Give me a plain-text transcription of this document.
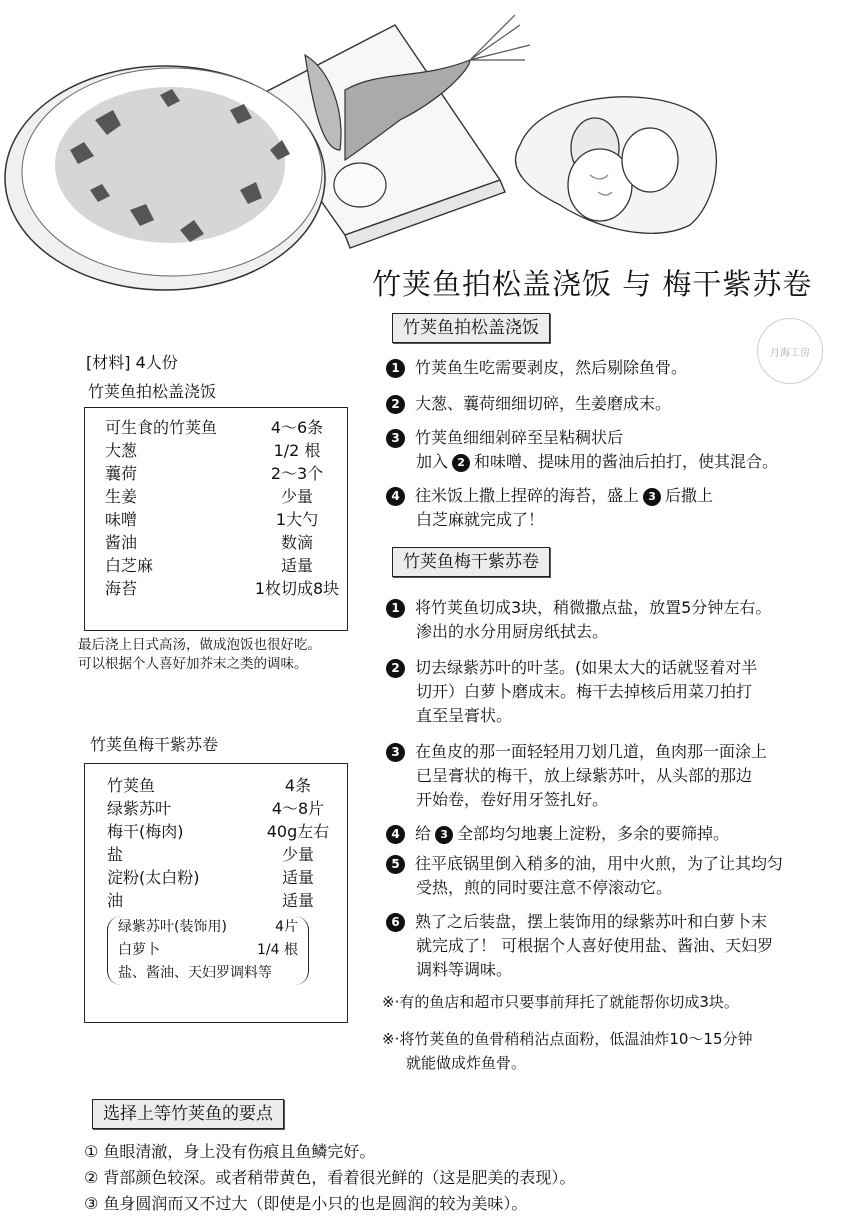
竹荚鱼拍松盖浇饭 与 梅干紫苏卷
月海工房
[材料] 4人份
竹荚鱼拍松盖浇饭
可生食的竹荚鱼	4～6条
大葱	1/2 根
蘘荷	2～3个
生姜	少量
味噌	1大勺
酱油	数滴
白芝麻	适量
海苔	1枚切成8块
最后浇上日式高汤，做成泡饭也很好吃。
可以根据个人喜好加芥末之类的调味。
竹荚鱼梅干紫苏卷
竹荚鱼	4条
绿紫苏叶	4～8片
梅干(梅肉)	40g左右
盐	少量
淀粉(太白粉)	适量
油	适量
绿紫苏叶(装饰用)	4片
白萝卜	1/4 根
盐、酱油、天妇罗调料等
竹荚鱼拍松盖浇饭
1 竹荚鱼生吃需要剥皮，然后剔除鱼骨。
2 大葱、蘘荷细细切碎，生姜磨成末。
3 竹荚鱼细细剁碎至呈粘稠状后
加入 2 和味噌、提味用的酱油后拍打，使其混合。
4 往米饭上撒上捏碎的海苔，盛上 3 后撒上
白芝麻就完成了！
竹荚鱼梅干紫苏卷
1 将竹荚鱼切成3块，稍微撒点盐，放置5分钟左右。
渗出的水分用厨房纸拭去。
2 切去绿紫苏叶的叶茎。(如果太大的话就竖着对半
切开）白萝卜磨成末。梅干去掉核后用菜刀拍打
直至呈膏状。
3 在鱼皮的那一面轻轻用刀划几道，鱼肉那一面涂上
已呈膏状的梅干，放上绿紫苏叶，从头部的那边
开始卷，卷好用牙签扎好。
4 给 3 全部均匀地裹上淀粉，多余的要筛掉。
5 往平底锅里倒入稍多的油，用中火煎，为了让其均匀
受热，煎的同时要注意不停滚动它。
6 熟了之后装盘，摆上装饰用的绿紫苏叶和白萝卜末
就完成了！ 可根据个人喜好使用盐、酱油、天妇罗
调料等调味。
※·有的鱼店和超市只要事前拜托了就能帮你切成3块。
※·将竹荚鱼的鱼骨稍稍沾点面粉，低温油炸10～15分钟
就能做成炸鱼骨。
选择上等竹荚鱼的要点
① 鱼眼清澈，身上没有伤痕且鱼鳞完好。
② 背部颜色较深。或者稍带黄色，看着很光鲜的（这是肥美的表现）。
③ 鱼身圆润而又不过大（即使是小只的也是圆润的较为美味）。
